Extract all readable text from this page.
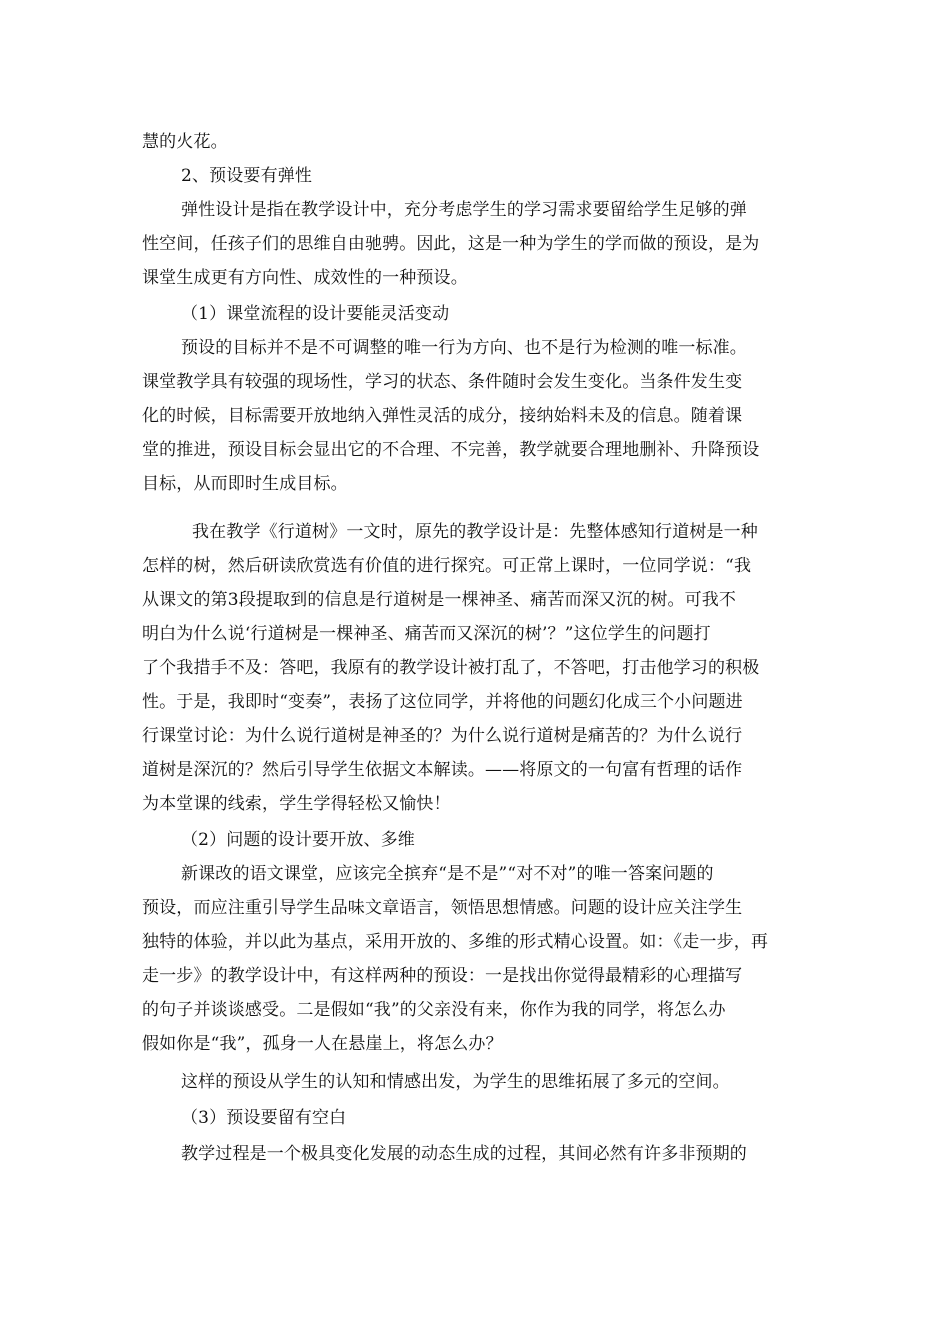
慧的火花。
2、预设要有弹性
弹性设计是指在教学设计中，充分考虑学生的学习需求要留给学生足够的弹
性空间，任孩子们的思维自由驰骋。因此，这是一种为学生的学而做的预设，是为
课堂生成更有方向性、成效性的一种预设。
（1）课堂流程的设计要能灵活变动
预设的目标并不是不可调整的唯一行为方向、也不是行为检测的唯一标准。
课堂教学具有较强的现场性，学习的状态、条件随时会发生变化。当条件发生变
化的时候，目标需要开放地纳入弹性灵活的成分，接纳始料未及的信息。随着课
堂的推进，预设目标会显出它的不合理、不完善，教学就要合理地删补、升降预设
目标，从而即时生成目标。
我在教学《行道树》一文时，原先的教学设计是：先整体感知行道树是一种
怎样的树，然后研读欣赏选有价值的进行探究。可正常上课时，一位同学说：“我
从课文的第3段提取到的信息是行道树是一棵神圣、痛苦而深又沉的树。可我不
明白为什么说‘行道树是一棵神圣、痛苦而又深沉的树’？”这位学生的问题打
了个我措手不及：答吧，我原有的教学设计被打乱了，不答吧，打击他学习的积极
性。于是，我即时“变奏”，表扬了这位同学，并将他的问题幻化成三个小问题进
行课堂讨论：为什么说行道树是神圣的？为什么说行道树是痛苦的？为什么说行
道树是深沉的？然后引导学生依据文本解读。——将原文的一句富有哲理的话作
为本堂课的线索，学生学得轻松又愉快！
（2）问题的设计要开放、多维
新课改的语文课堂，应该完全摈弃“是不是”“对不对”的唯一答案问题的
预设，而应注重引导学生品味文章语言，领悟思想情感。问题的设计应关注学生
独特的体验，并以此为基点，采用开放的、多维的形式精心设置。如：《走一步，再
走一步》的教学设计中，有这样两种的预设：一是找出你觉得最精彩的心理描写
的句子并谈谈感受。二是假如“我”的父亲没有来，你作为我的同学，将怎么办
假如你是“我”，孤身一人在悬崖上，将怎么办？
这样的预设从学生的认知和情感出发，为学生的思维拓展了多元的空间。
（3）预设要留有空白
教学过程是一个极具变化发展的动态生成的过程，其间必然有许多非预期的
